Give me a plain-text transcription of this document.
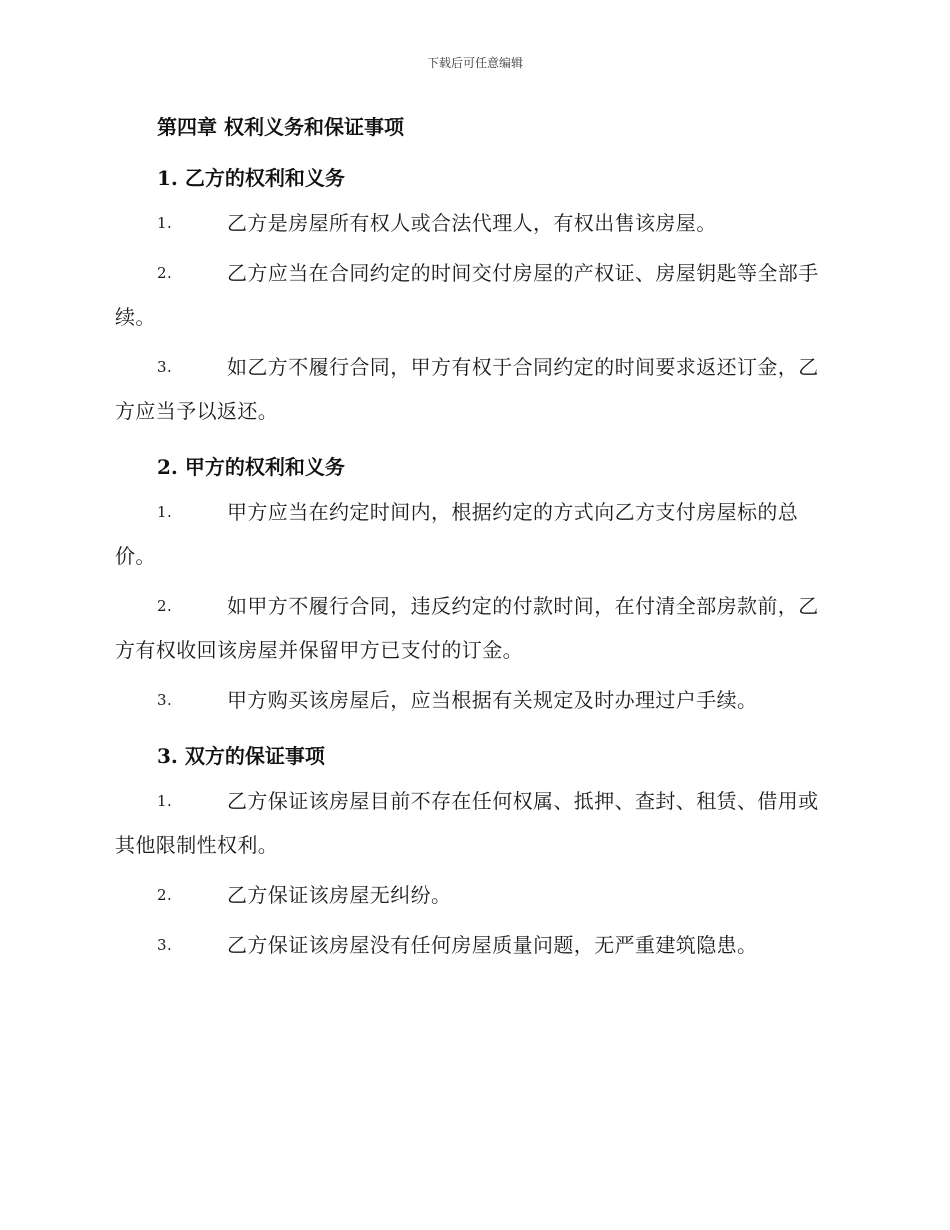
下载后可任意编辑
第四章 权利义务和保证事项
1. 乙方的权利和义务
1.	乙方是房屋所有权人或合法代理人，有权出售该房屋。
2.	乙方应当在合同约定的时间交付房屋的产权证、房屋钥匙等全部手续。
3.	如乙方不履行合同，甲方有权于合同约定的时间要求返还订金，乙方应当予以返还。
2. 甲方的权利和义务
1.	甲方应当在约定时间内，根据约定的方式向乙方支付房屋标的总价。
2.	如甲方不履行合同，违反约定的付款时间，在付清全部房款前，乙方有权收回该房屋并保留甲方已支付的订金。
3.	甲方购买该房屋后，应当根据有关规定及时办理过户手续。
3. 双方的保证事项
1.	乙方保证该房屋目前不存在任何权属、抵押、查封、租赁、借用或其他限制性权利。
2.	乙方保证该房屋无纠纷。
3.	乙方保证该房屋没有任何房屋质量问题，无严重建筑隐患。
